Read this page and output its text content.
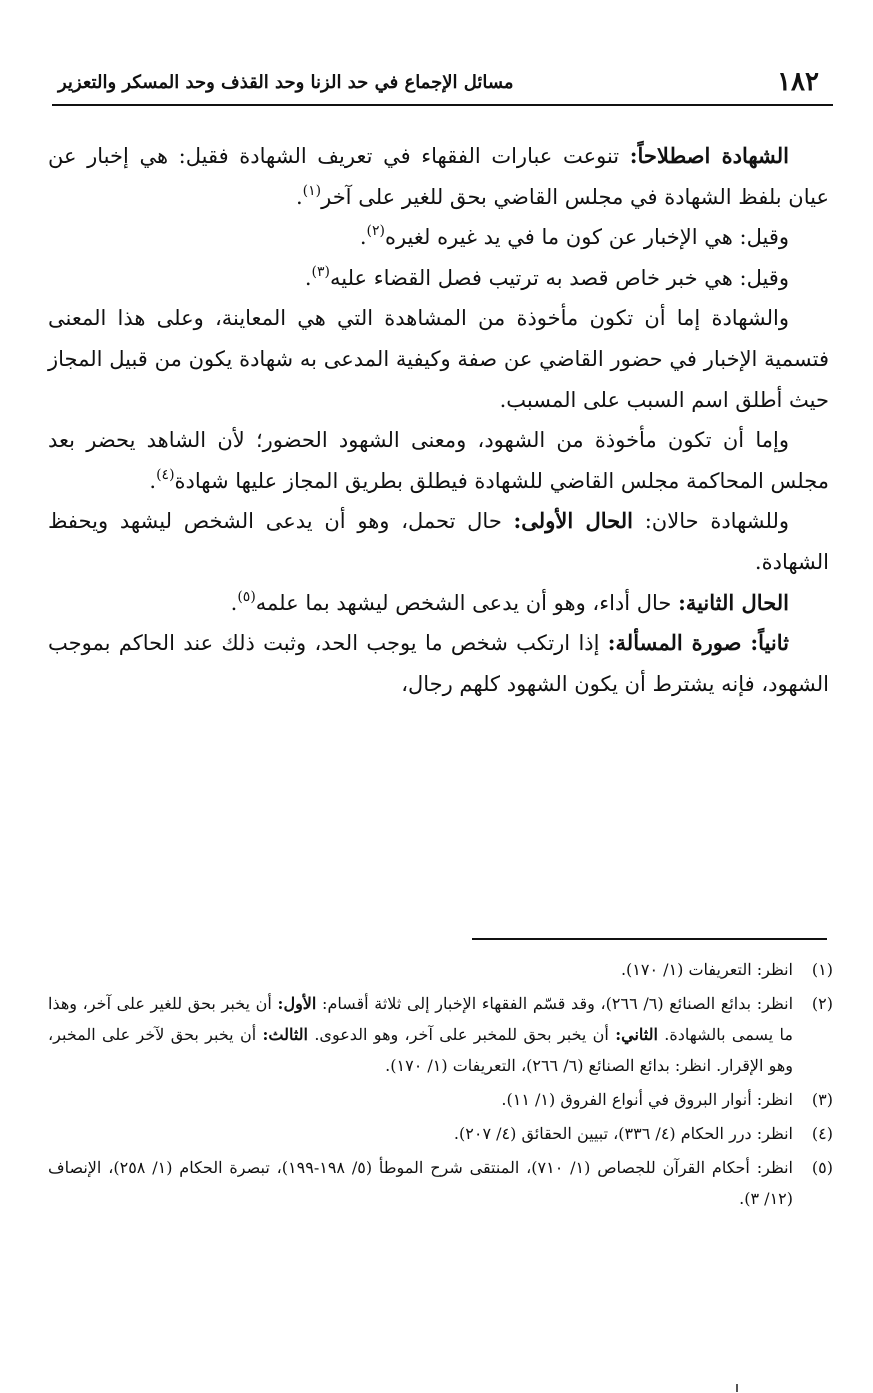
١٨٢
مسائل الإجماع في حد الزنا وحد القذف وحد المسكر والتعزير

الشهادة اصطلاحاً: تنوعت عبارات الفقهاء في تعريف الشهادة فقيل: هي إخبار عن عيان بلفظ الشهادة في مجلس القاضي بحق للغير على آخر$^{(١)}$.

وقيل: هي الإخبار عن كون ما في يد غيره لغيره$^{(٢)}$.

وقيل: هي خبر خاص قصد به ترتيب فصل القضاء عليه$^{(٣)}$.

والشهادة إما أن تكون مأخوذة من المشاهدة التي هي المعاينة، وعلى هذا المعنى فتسمية الإخبار في حضور القاضي عن صفة وكيفية المدعى به شهادة يكون من قبيل المجاز حيث أطلق اسم السبب على المسبب.

وإما أن تكون مأخوذة من الشهود، ومعنى الشهود الحضور؛ لأن الشاهد يحضر بعد مجلس المحاكمة مجلس القاضي للشهادة فيطلق بطريق المجاز عليها شهادة$^{(٤)}$.

وللشهادة حالان: الحال الأولى: حال تحمل، وهو أن يدعى الشخص ليشهد ويحفظ الشهادة.

الحال الثانية: حال أداء، وهو أن يدعى الشخص ليشهد بما علمه$^{(٥)}$.

ثانياً: صورة المسألة: إذا ارتكب شخص ما يوجب الحد، وثبت ذلك عند الحاكم بموجب الشهود، فإنه يشترط أن يكون الشهود كلهم رجال،

(١)
انظر: التعريفات (١/ ١٧٠).

(٢)
انظر: بدائع الصنائع (٦/ ٢٦٦)، وقد قسّم الفقهاء الإخبار إلى ثلاثة أقسام: الأول: أن يخبر بحق للغير على آخر، وهذا ما يسمى بالشهادة. الثاني: أن يخبر بحق للمخبر على آخر، وهو الدعوى. الثالث: أن يخبر بحق لآخر على المخبر، وهو الإقرار. انظر: بدائع الصنائع (٦/ ٢٦٦)، التعريفات (١/ ١٧٠).

(٣)
انظر: أنوار البروق في أنواع الفروق (١/ ١١).

(٤)
انظر: درر الحكام (٤/ ٣٣٦)، تبيين الحقائق (٤/ ٢٠٧).

(٥)
انظر: أحكام القرآن للجصاص (١/ ٧١٠)، المنتقى شرح الموطأ (٥/ ١٩٨-١٩٩)، تبصرة الحكام (١/ ٢٥٨)، الإنصاف (١٢/ ٣).
